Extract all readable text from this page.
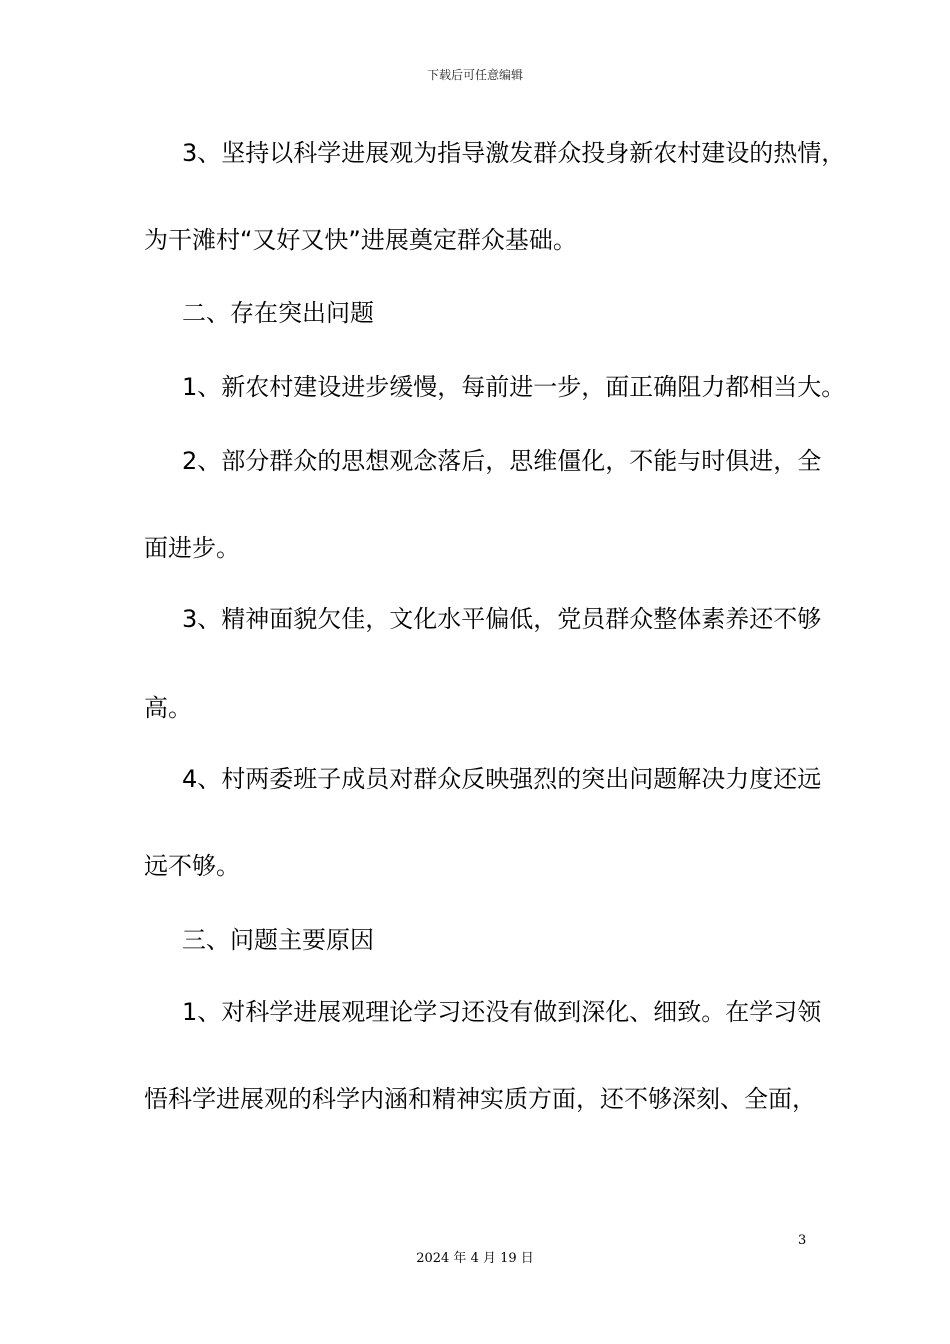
下载后可任意编辑
3、坚持以科学进展观为指导激发群众投身新农村建设的热情，
为干滩村“又好又快”进展奠定群众基础。
二、存在突出问题
1、新农村建设进步缓慢，每前进一步，面正确阻力都相当大。
2、部分群众的思想观念落后，思维僵化，不能与时俱进，全
面进步。
3、精神面貌欠佳，文化水平偏低，党员群众整体素养还不够
高。
4、村两委班子成员对群众反映强烈的突出问题解决力度还远
远不够。
三、问题主要原因
1、对科学进展观理论学习还没有做到深化、细致。在学习领
悟科学进展观的科学内涵和精神实质方面，还不够深刻、全面，
3
2024 年 4 月 19 日
